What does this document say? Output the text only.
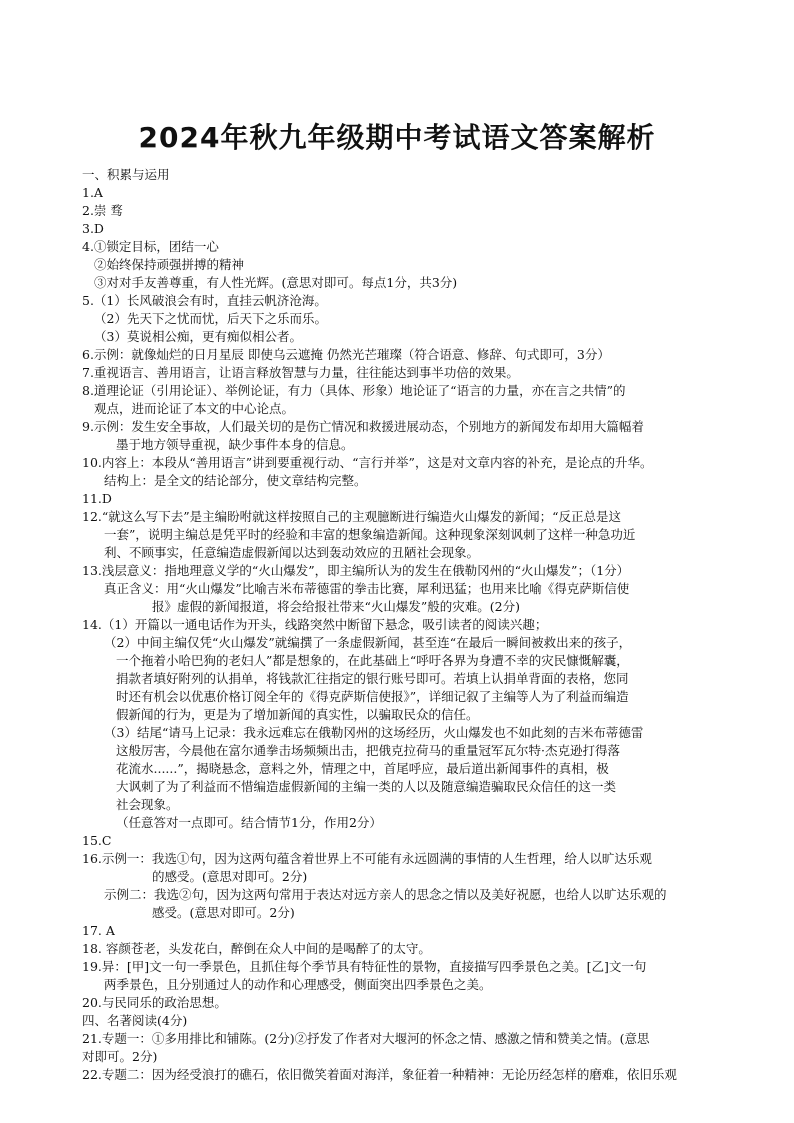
2024年秋九年级期中考试语文答案解析
一、积累与运用
1.A
2.崇 骛
3.D
4.①锁定目标，团结一心
②始终保持顽强拼搏的精神
③对对手友善尊重，有人性光辉。(意思对即可。每点1分，共3分)
5.（1）长风破浪会有时，直挂云帆济沧海。
（2）先天下之忧而忧，后天下之乐而乐。
（3）莫说相公痴，更有痴似相公者。
6.示例：就像灿烂的日月星辰 即使乌云遮掩 仍然光芒璀璨（符合语意、修辞、句式即可，3分）
7.重视语言、善用语言，让语言释放智慧与力量，往往能达到事半功倍的效果。
8.道理论证（引用论证）、举例论证，有力（具体、形象）地论证了“语言的力量，亦在言之共情”的
观点，进而论证了本文的中心论点。
9.示例：发生安全事故，人们最关切的是伤亡情况和救援进展动态，个别地方的新闻发布却用大篇幅着
墨于地方领导重视，缺少事件本身的信息。
10.内容上：本段从“善用语言”讲到要重视行动、“言行并举”，这是对文章内容的补充，是论点的升华。
结构上：是全文的结论部分，使文章结构完整。
11.D
12.“就这么写下去”是主编盼咐就这样按照自己的主观臆断进行编造火山爆发的新闻；“反正总是这
一套”，说明主编总是凭平时的经验和丰富的想象编造新闻。这种现象深刻讽刺了这样一种急功近
利、不顾事实，任意编造虚假新闻以达到轰动效应的丑陋社会现象。
13.浅层意义：指地理意义学的“火山爆发”，即主编所认为的发生在俄勒冈州的“火山爆发”；（1分）
真正含义：用“火山爆发”比喻吉米布蒂德雷的拳击比赛，犀利迅猛；也用来比喻《得克萨斯信使
报》虚假的新闻报道，将会给报社带来“火山爆发”般的灾难。(2分)
14.（1）开篇以一通电话作为开头，线路突然中断留下悬念，吸引读者的阅读兴趣；
（2）中间主编仅凭“火山爆发”就编撰了一条虚假新闻，甚至连“在最后一瞬间被救出来的孩子，
一个拖着小哈巴狗的老妇人”都是想象的，在此基础上“呼吁各界为身遭不幸的灾民慷慨解囊，
捐款者填好附列的认捐单，将钱款汇往指定的银行账号即可。若填上认捐单背面的表格，您同
时还有机会以优惠价格订阅全年的《得克萨斯信使报》”，详细记叙了主编等人为了利益而编造
假新闻的行为，更是为了增加新闻的真实性，以骗取民众的信任。
（3）结尾“请马上记录：我永远难忘在俄勒冈州的这场经历，火山爆发也不如此刻的吉米布蒂德雷
这般厉害，今晨他在富尔通拳击场频频出击，把俄克拉荷马的重量冠军瓦尔特·杰克逊打得落
花流水......”，揭晓悬念，意料之外，情理之中，首尾呼应，最后道出新闻事件的真相，极
大讽刺了为了利益而不惜编造虚假新闻的主编一类的人以及随意编造骗取民众信任的这一类
社会现象。
（任意答对一点即可。结合情节1分，作用2分）
15.C
16.示例一：我选①句，因为这两句蕴含着世界上不可能有永远圆满的事情的人生哲理，给人以旷达乐观
的感受。(意思对即可。2分)
示例二：我选②句，因为这两句常用于表达对远方亲人的思念之情以及美好祝愿，也给人以旷达乐观的
感受。(意思对即可。2分)
17. A
18. 容颜苍老，头发花白，醉倒在众人中间的是喝醉了的太守。
19.异：[甲]文一句一季景色，且抓住每个季节具有特征性的景物，直接描写四季景色之美。[乙]文一句
两季景色，且分别通过人的动作和心理感受，侧面突出四季景色之美。
20.与民同乐的政治思想。
四、名著阅读(4分)
21.专题一：①多用排比和铺陈。(2分)②抒发了作者对大堰河的怀念之情、感激之情和赞美之情。(意思
对即可。2分)
22.专题二：因为经受浪打的礁石，依旧微笑着面对海洋，象征着一种精神：无论历经怎样的磨难，依旧乐观
